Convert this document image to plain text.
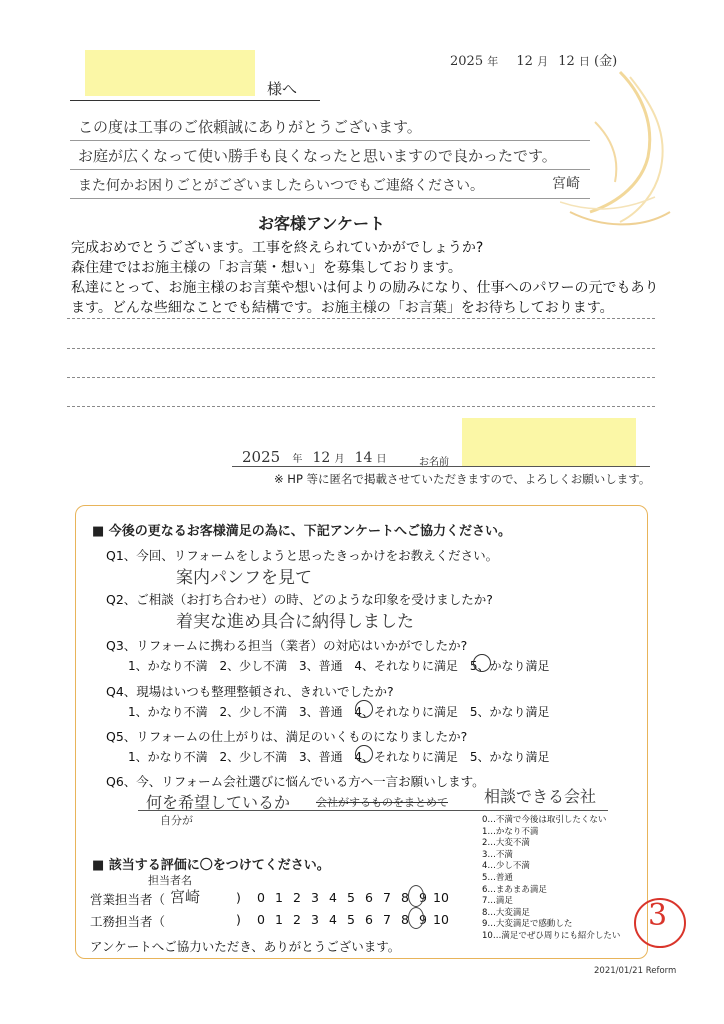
2025 年 12 月 12 日 (金)
様へ
この度は工事のご依頼誠にありがとうございます。
お庭が広くなって使い勝手も良くなったと思いますので良かったです。
また何かお困りごとがございましたらいつでもご連絡ください。	宮崎
お客様アンケート
完成おめでとうございます。工事を終えられていかがでしょうか?
森住建ではお施主様の「お言葉・想い」を募集しております。
私達にとって、お施主様のお言葉や想いは何よりの励みになり、仕事へのパワーの元でもあり
ます。どんな些細なことでも結構です。お施主様の「お言葉」をお待ちしております。
2025 年 12 月 14 日	お名前
※ HP 等に匿名で掲載させていただきますので、よろしくお願いします。
■ 今後の更なるお客様満足の為に、下記アンケートへご協力ください。
Q1、今回、リフォームをしようと思ったきっかけをお教えください。
案内パンフを見て
Q2、ご相談（お打ち合わせ）の時、どのような印象を受けましたか?
着実な進め具合に納得しました
Q3、リフォームに携わる担当（業者）の対応はいかがでしたか?
1、かなり不満 2、少し不満 3、普通 4、それなりに満足 5、かなり満足
Q4、現場はいつも整理整頓され、きれいでしたか?
1、かなり不満 2、少し不満 3、普通 4、それなりに満足 5、かなり満足
Q5、リフォームの仕上がりは、満足のいくものになりましたか?
1、かなり不満 2、少し不満 3、普通 4、それなりに満足 5、かなり満足
Q6、今、リフォーム会社選びに悩んでいる方へ一言お願いします。
何を希望しているか
自分が
会社がするものをまとめて 相談できる会社
0…不満で今後は取引したくない
1…かなり不満
2…大変不満
3…不満
4…少し不満
5…普通
6…まあまあ満足
7…満足
8…大変満足
9…大変満足で感動した
10…満足でぜひ周りにも紹介したい
■ 該当する評価に〇をつけてください。
担当者名
営業担当者（ 宮崎	)	0 1 2 3 4 5 6 7 8 9 10
工務担当者（	)	0 1 2 3 4 5 6 7 8 9 10
アンケートへご協力いただき、ありがとうございます。
3
2021/01/21 Reform
